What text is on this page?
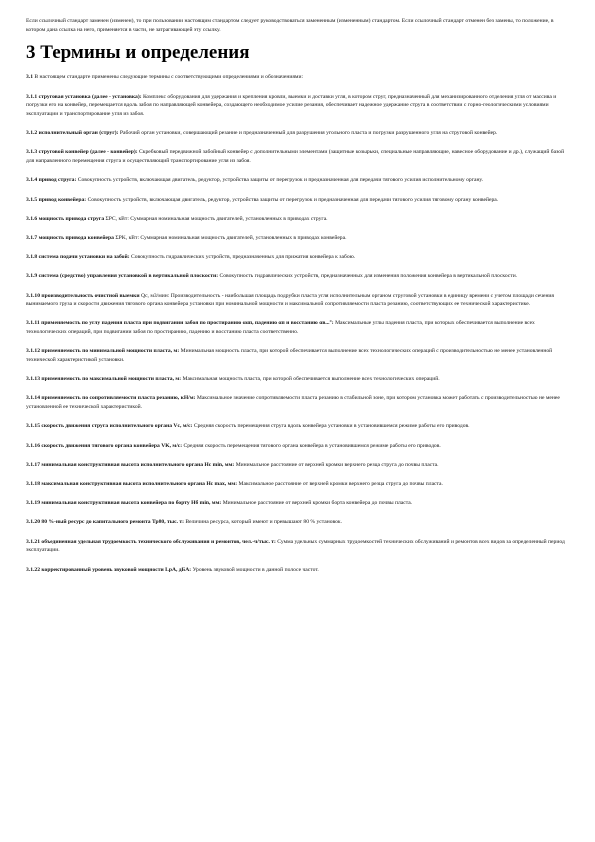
Если ссылочный стандарт заменен (изменен), то при пользовании настоящим стандартом следует руководствоваться замененным (измененным) стандартом. Если ссылочный стандарт отменен без замены, то положение, в котором дана ссылка на него, применяется в части, не затрагивающей эту ссылку.

3 Термины и определения

3.1 В настоящем стандарте применены следующие термины с соответствующими определениями и обозначениями:

3.1.1 струговая установка (далее - установка): Комплекс оборудования для удержания и крепления кровли, выемки и доставки угля, в котором струг, предназначенный для механизированного отделения угля от массива и погрузки его на конвейер, перемещается вдоль забоя по направляющей конвейера, создающего необходимое усилие резания, обеспечивает надежное удержание струга в соответствии с горно-геологическими условиями эксплуатации и транспортирование угля из забоя.

3.1.2 исполнительный орган (струг): Рабочий орган установки, совершающий резание и предназначенный для разрушения угольного пласта и погрузки разрушенного угля на струговой конвейер.

3.1.3 струговой конвейер (далее - конвейер): Скребковый передвижной забойный конвейер с дополнительными элементами (защитные козырьки, специальные направляющие, навесное оборудование и др.), служащий базой для направленного перемещения струга и осуществляющий транспортирование угля из забоя.

3.1.4 привод струга: Совокупность устройств, включающая двигатель, редуктор, устройства защиты от перегрузок и предназначенная для передачи тягового усилия исполнительному органу.

3.1.5 привод конвейера: Совокупность устройств, включающая двигатель, редуктор, устройства защиты от перегрузок и предназначенная для передачи тягового усилия тяговому органу конвейера.

3.1.6 мощность привода струга ΣPC, кВт: Суммарная номинальная мощность двигателей, установленных в приводах струга.

3.1.7 мощность привода конвейера ΣPK, кВт: Суммарная номинальная мощность двигателей, установленных в приводах конвейера.

3.1.8 система подачи установки на забой: Совокупность гидравлических устройств, предназначенных для прижатия конвейера к забою.

3.1.9 система (средство) управления установкой в вертикальной плоскости: Совокупность гидравлических устройств, предназначенных для изменения положения конвейера в вертикальной плоскости.

3.1.10 производительность очистной выемки Qc, м3/мин: Производительность - наибольшая площадь подрубки пласта угля исполнительным органом струговой установки в единицу времени с учетом площади сечения вынимаемого груза и скорости движения тягового органа конвейера установки при номинальной мощности и максимальной сопротивляемости пласта резанию, соответствующих ее технической характеристике.

3.1.11 применяемость по углу падения пласта при подвигании забоя по простиранию ααп, падению αп и восстанию αв...°: Максимальные углы падения пласта, при которых обеспечивается выполнение всех технологических операций, при подвигании забоя по простиранию, падению и восстанию пласта соответственно.

3.1.12 применяемость по минимальной мощности пласта, м: Минимальная мощность пласта, при которой обеспечивается выполнение всех технологических операций с производительностью не менее установленной технической характеристикой установки.

3.1.13 применяемость по максимальной мощности пласта, м: Максимальная мощность пласта, при которой обеспечивается выполнение всех технологических операций.

3.1.14 применяемость по сопротивляемости пласта резанию, кН/м: Максимальное значение сопротивляемости пласта резанию в стабильной зоне, при котором установка может работать с производительностью не менее установленной ее технической характеристикой.

3.1.15 скорость движения струга исполнительного органа Vc, м/с: Средняя скорость перемещения струга вдоль конвейера установки в установившемся режиме работы его приводов.

3.1.16 скорость движения тягового органа конвейера VK, м/с: Средняя скорость перемещения тягового органа конвейера в установившемся режиме работы его приводов.

3.1.17 минимальная конструктивная высота исполнительного органа Hc min, мм: Минимальное расстояние от верхней кромки верхнего резца струга до почвы пласта.

3.1.18 максимальная конструктивная высота исполнительного органа Hc max, мм: Максимальное расстояние от верхней кромки верхнего резца струга до почвы пласта.

3.1.19 минимальная конструктивная высота конвейера по борту Hб min, мм: Минимальное расстояние от верхней кромки борта конвейера до почвы пласта.

3.1.20 80 %-ный ресурс до капитального ремонта Тр80, тыс. т: Величина ресурса, который имеют и превышают 80 % установок.

3.1.21 объединенная удельная трудоемкость технического обслуживания и ремонтов, чел.-ч/тыс. т: Сумма удельных суммарных трудоемкостей технических обслуживаний и ремонтов всех видов за определенный период эксплуатации.

3.1.22 корректированный уровень звуковой мощности LpA, дБА: Уровень звуковой мощности в данной полосе частот.
